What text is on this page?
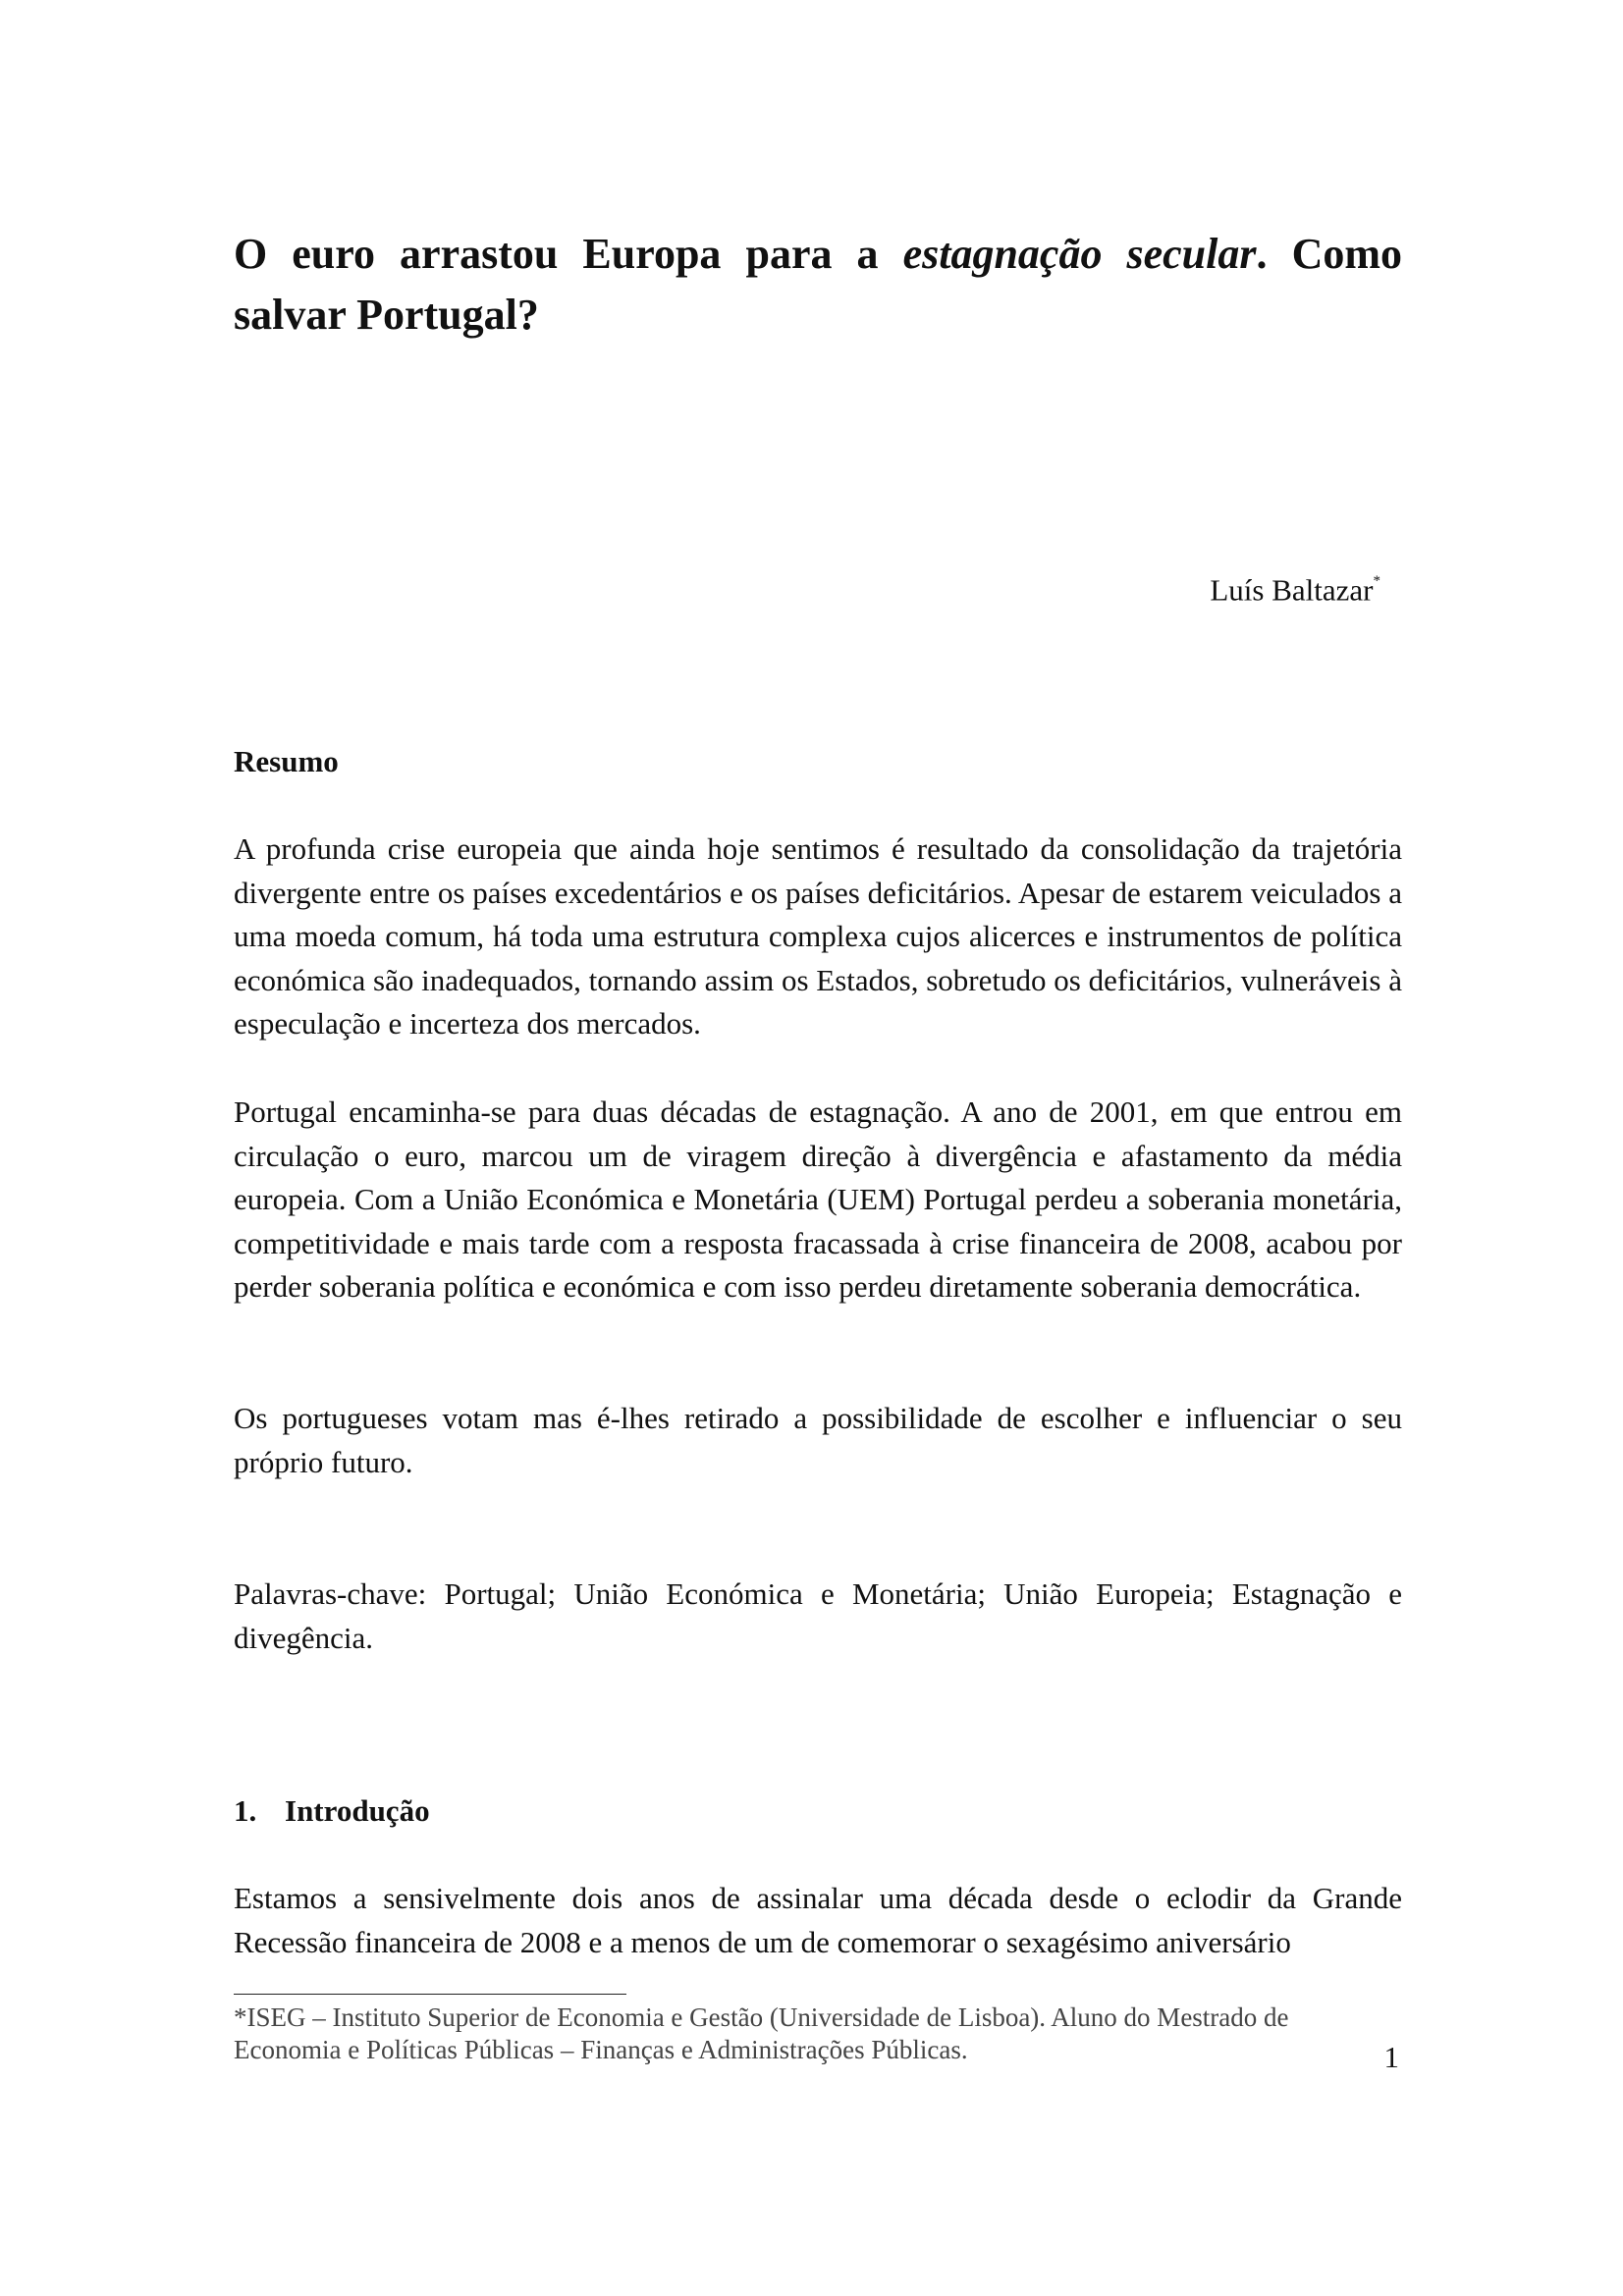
O euro arrastou Europa para a estagnação secular. Como salvar Portugal?
Luís Baltazar*
Resumo

A profunda crise europeia que ainda hoje sentimos é resultado da consolidação da trajetória divergente entre os países excedentários e os países deficitários. Apesar de estarem veiculados a uma moeda comum, há toda uma estrutura complexa cujos alicerces e instrumentos de política económica são inadequados, tornando assim os Estados, sobretudo os deficitários, vulneráveis à especulação e incerteza dos mercados.

Portugal encaminha-se para duas décadas de estagnação. A ano de 2001, em que entrou em circulação o euro, marcou um de viragem direção à divergência e afastamento da média europeia. Com a União Económica e Monetária (UEM) Portugal perdeu a soberania monetária, competitividade e mais tarde com a resposta fracassada à crise financeira de 2008, acabou por perder soberania política e económica e com isso perdeu diretamente soberania democrática.

Os portugueses votam mas é-lhes retirado a possibilidade de escolher e influenciar o seu próprio futuro.

Palavras-chave: Portugal; União Económica e Monetária; União Europeia; Estagnação e divegência.

1. Introdução

Estamos a sensivelmente dois anos de assinalar uma década desde o eclodir da Grande Recessão financeira de 2008 e a menos de um de comemorar o sexagésimo aniversário

*ISEG – Instituto Superior de Economia e Gestão (Universidade de Lisboa). Aluno do Mestrado de Economia e Políticas Públicas – Finanças e Administrações Públicas.	1
